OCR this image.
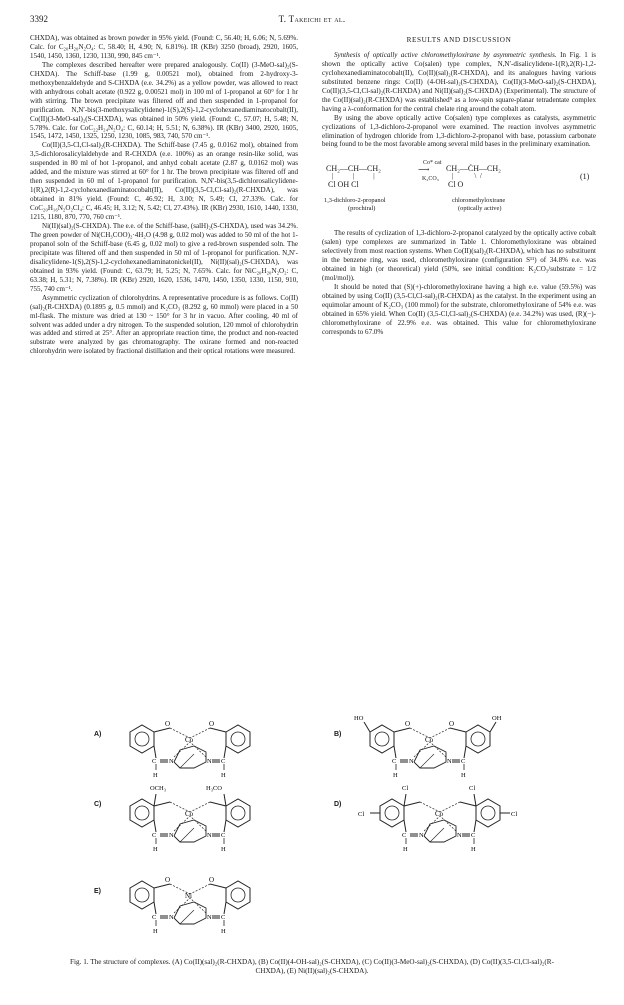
3392	T. Takeichi et al.

CHXDA), was obtained as brown powder in 95% yield. (Found: C, 56.40; H, 6.06; N, 5.69%. Calc. for C₂₀H₂₀N₂O₄: C, 58.40; H, 4.90; N, 6.81%). IR (KBr) 3250 (broad), 2920, 1605, 1540, 1450, 1360, 1230, 1130, 990, 845 cm⁻¹.

The complexes described hereafter were prepared analogously. Co(II) (3-MeO-sal)₂(S-CHXDA). The Schiff-base (1.99 g, 0.00521 mol), obtained from 2-hydroxy-3-methoxybenzaldehyde and S-CHXDA (e.e. 34.2%) as a yellow powder, was allowed to react with anhydrous cobalt acetate (0.922 g, 0.00521 mol) in 100 ml of 1-propanol at 60° for 1 hr with stirring. The brown precipitate was filtered off and then suspended in 1-propanol for purification. N,N′-bis(3-methoxysalicylidene)-1(S),2(S)-1,2-cyclohexanediaminatocobalt(II), Co(II)(3-MeO-sal)₂(S-CHXDA), was obtained in 50% yield. (Found: C, 57.07; H, 5.48; N, 5.78%. Calc. for CoC₂₂H₂₄N₂O₄: C, 60.14; H, 5.51; N, 6.38%). IR (KBr) 3400, 2920, 1605, 1545, 1472, 1450, 1325, 1250, 1230, 1085, 983, 740, 570 cm⁻¹.

Co(II)(3,5-Cl,Cl-sal)₂(R-CHXDA). The Schiff-base (7.45 g, 0.0162 mol), obtained from 3,5-dichlorosalicylaldehyde and R-CHXDA (e.e. 100%) as an orange resin-like solid, was suspended in 80 ml of hot 1-propanol, and anhyd cobalt acetate (2.87 g, 0.0162 mol) was added, and the mixture was stirred at 60° for 1 hr. The brown precipitate was filtered off and then suspended in 60 ml of 1-propanol for purification. N,N′-bis(3,5-dichlorosalicylidene-1(R),2(R)-1,2-cyclohexanediaminatocobalt(II), Co(II)(3,5-Cl,Cl-sal)₂(R-CHXDA), was obtained in 81% yield. (Found: C, 46.92; H, 3.00; N, 5.49; Cl, 27.33%. Calc. for CoC₂₀H₁₆N₂O₂Cl₄: C, 46.45; H, 3.12; N, 5.42; Cl, 27.43%). IR (KBr) 2930, 1610, 1440, 1330, 1215, 1180, 870, 770, 760 cm⁻¹.

Ni(II)(sal)₂(S-CHXDA). The e.e. of the Schiff-base, (salH)₂(S-CHXDA), used was 34.2%. The green powder of Ni(CH₃COO)₂·4H₂O (4.98 g, 0.02 mol) was added to 50 ml of the hot 1-propanol soln of the Schiff-base (6.45 g, 0.02 mol) to give a red-brown suspended soln. The precipitate was filtered off and then suspended in 50 ml of 1-propanol for purification. N,N′-disalicylidene-1(S),2(S)-1,2-cyclohexanediaminatonickel(II), Ni(II)(sal)₂(S-CHXDA), was obtained in 93% yield. (Found: C, 63.79; H, 5.25; N, 7.65%. Calc. for NiC₂₀H₂₀N₂O₂: C, 63.38; H, 5.31; N, 7.38%). IR (KBr) 2920, 1620, 1536, 1470, 1450, 1350, 1330, 1150, 910, 755, 740 cm⁻¹.

Asymmetric cyclization of chlorohydrins. A representative procedure is as follows. Co(II)(sal)₂(R-CHXDA) (0.1895 g, 0.5 mmol) and K₂CO₃ (8.292 g, 60 mmol) were placed in a 50 ml-flask. The mixture was dried at 130 ~ 150° for 3 hr in vacuo. After cooling, 40 ml of solvent was added under a dry nitrogen. To the suspended solution, 120 mmol of chlorohydrin was added and stirred at 25°. After an appropriate reaction time, the product and non-reacted substrate were analyzed by gas chromatography. The oxirane formed and non-reacted chlorohydrin were isolated by fractional distillation and their optical rotations were measured.

RESULTS AND DISCUSSION

Synthesis of optically active chloromethyloxirane by asymmetric synthesis. In Fig. 1 is shown the optically active Co(salen) type complex, N,N′-disalicylidene-1(R),2(R)-1,2-cyclohexanediaminatocobalt(II), Co(II)(sal)₂(R-CHXDA), and its analogues having various substituted benzene rings: Co(II) (4-OH-sal)₂(S-CHXDA), Co(II)(3-MeO-sal)₂(S-CHXDA), Co(II)(3,5-Cl,Cl-sal)₂(R-CHXDA) and Ni(II)(sal)₂(S-CHXDA) (Experimental). The structure of the Co(II)(sal)₂(R-CHXDA) was established⁹ as a low-spin square-planar tetradentate complex having a λ-conformation for the central chelate ring around the cobalt atom.

By using the above optically active Co(salen) type complexes as catalysts, asymmetric cyclizations of 1,3-dichloro-2-propanol were examined. The reaction involves asymmetric elimination of hydrogen chloride from 1,3-dichloro-2-propanol with base, potassium carbonate being found to be the most favorable among several mild bases in the preliminary examination.

CH₂—CH—CH₂
|           |           |
Cl OH Cl
Co* cat
⟶
K₂CO₃
CH₂—ĊH—CH₂
|            \  /
Cl O
(1)
1,3-dichloro-2-propanol
(prochiral)
chloromethyloxirane
(optically active)

The results of cyclization of 1,3-dichloro-2-propanol catalyzed by the optically active cobalt (salen) type complexes are summarized in Table 1. Chloromethyloxirane was obtained selectively from most reaction systems. When Co(II)(sal)₂(R-CHXDA), which has no substituent in the benzene ring, was used, chloromethyloxirane (configuration S¹¹) of 34.8% e.e. was obtained in high (or theoretical) yield (50%, see initial condition: K₂CO₃/substrate = 1/2 (mol/mol)).

It should be noted that (S)(+)-chloromethyloxirane having a high e.e. value (59.5%) was obtained by using Co(II) (3,5-Cl,Cl-sal)₂(R-CHXDA) as the catalyst. In the experiment using an equimolar amount of K₂CO₃ (100 mmol) for the substrate, chloromethyloxirane of 54% e.e. was obtained in 65% yield. When Co(II) (3,5-Cl,Cl-sal)₂(S-CHXDA) (e.e. 34.2%) was used, (R)(−)-chloromethyloxirane of 22.9% e.e. was obtained. This value for chloromethyloxirane corresponds to 67.0%

A)	B)
C)	D)
E)
O	O
Co
C N	N C
H	H
HO	OH
O	O
Co
C N	N C
H	H
OCH₃	H₃CO
Co
C N	N C
H	H
Cl	Cl
Cl	Cl
Co
C N	N C
H	H
O	O
Ni
C N	N C
H	H
Fig. 1. The structure of complexes. (A) Co(II)(sal)₂(R-CHXDA), (B) Co(II)(4-OH-sal)₂(S-CHXDA), (C) Co(II)(3-MeO-sal)₂(S-CHXDA), (D) Co(II)(3,5-Cl,Cl-sal)₂(R-CHXDA), (E) Ni(II)(sal)₂(S-CHXDA).
